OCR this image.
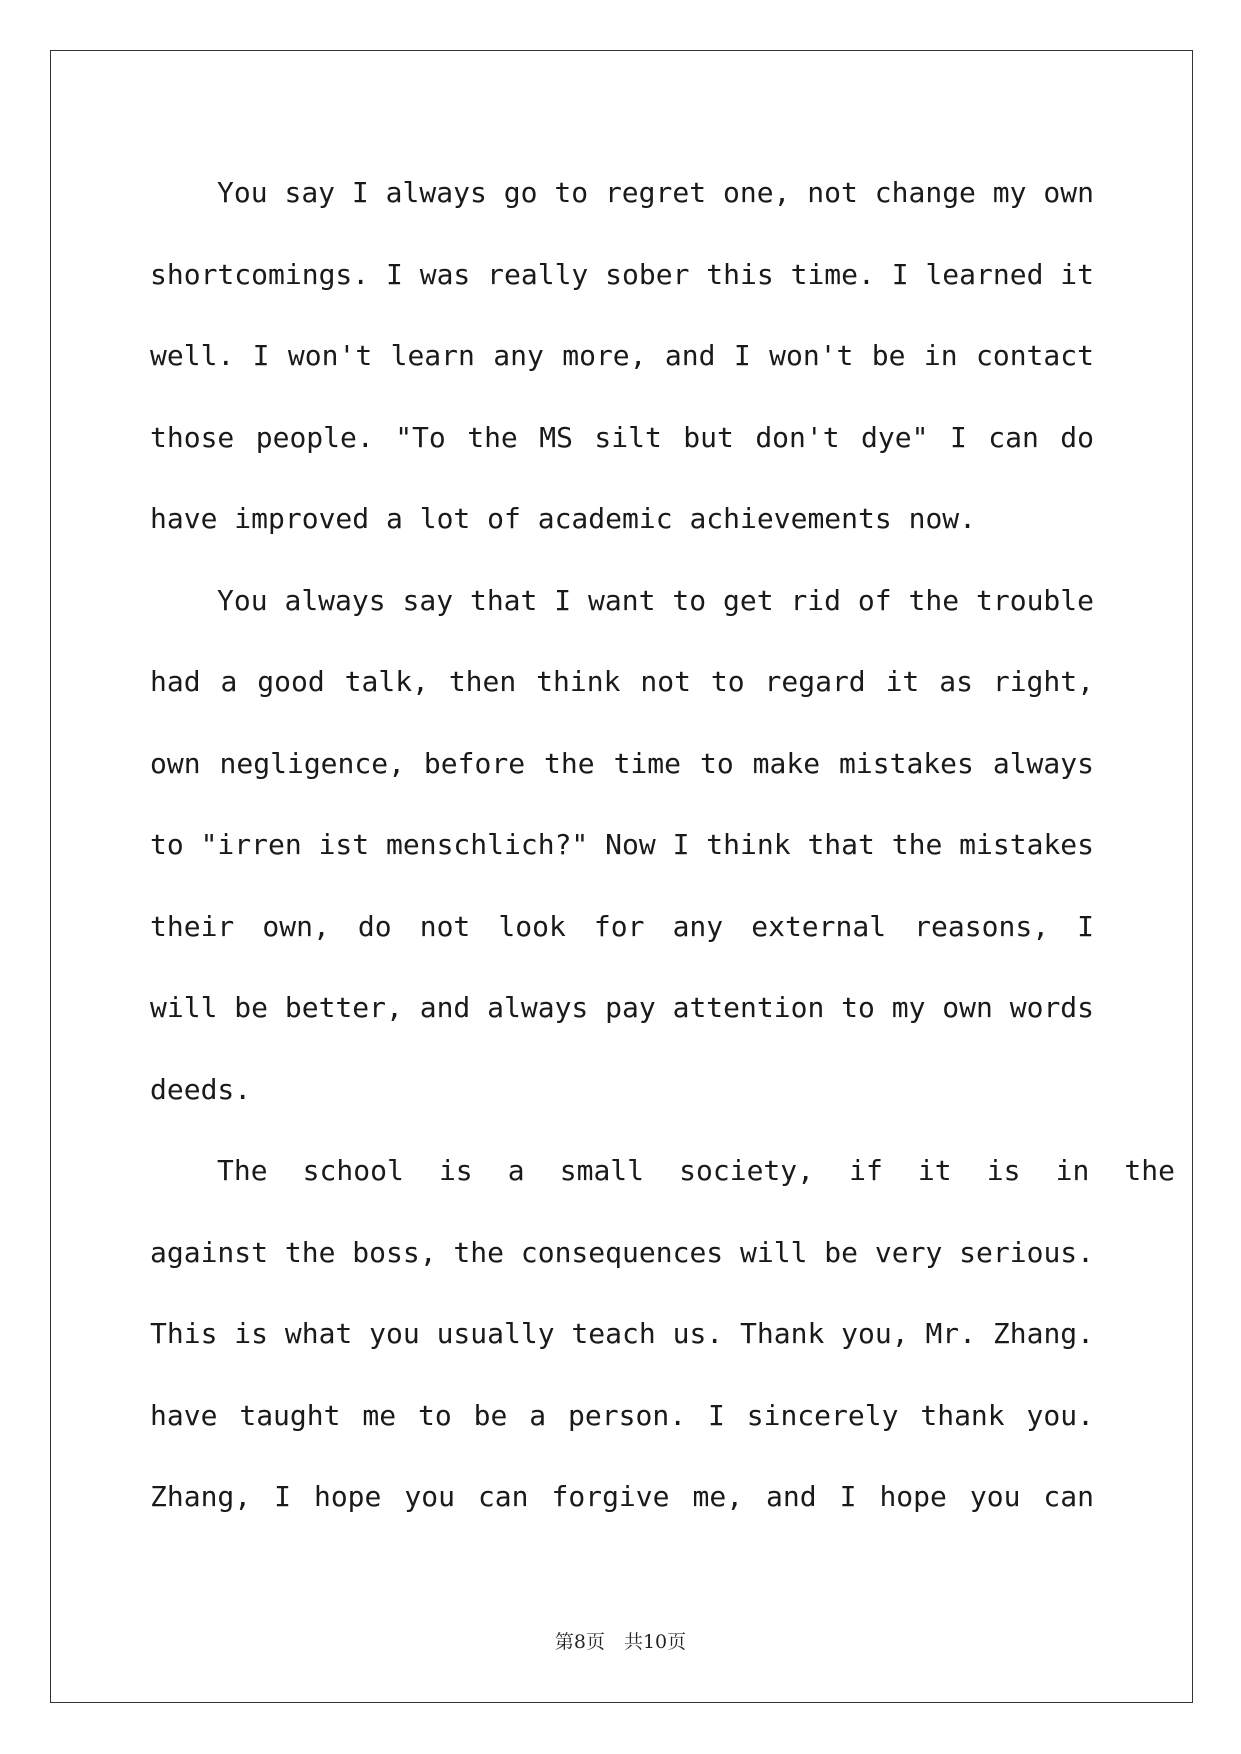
You say I always go to regret one, not change my own
shortcomings. I was really sober this time. I learned it
well. I won't learn any more, and I won't be in contact
those people. "To the MS silt but don't dye" I can do
have improved a lot of academic achievements now.

You always say that I want to get rid of the trouble
had a good talk, then think not to regard it as right,
own negligence, before the time to make mistakes always
to "irren ist menschlich?" Now I think that the mistakes
their own, do not look for any external reasons, I
will be better, and always pay attention to my own words
deeds.

The school is a small society, if it is in the
against the boss, the consequences will be very serious.
This is what you usually teach us. Thank you, Mr. Zhang.
have taught me to be a person. I sincerely thank you.
Zhang, I hope you can forgive me, and I hope you can

第8页  共10页
